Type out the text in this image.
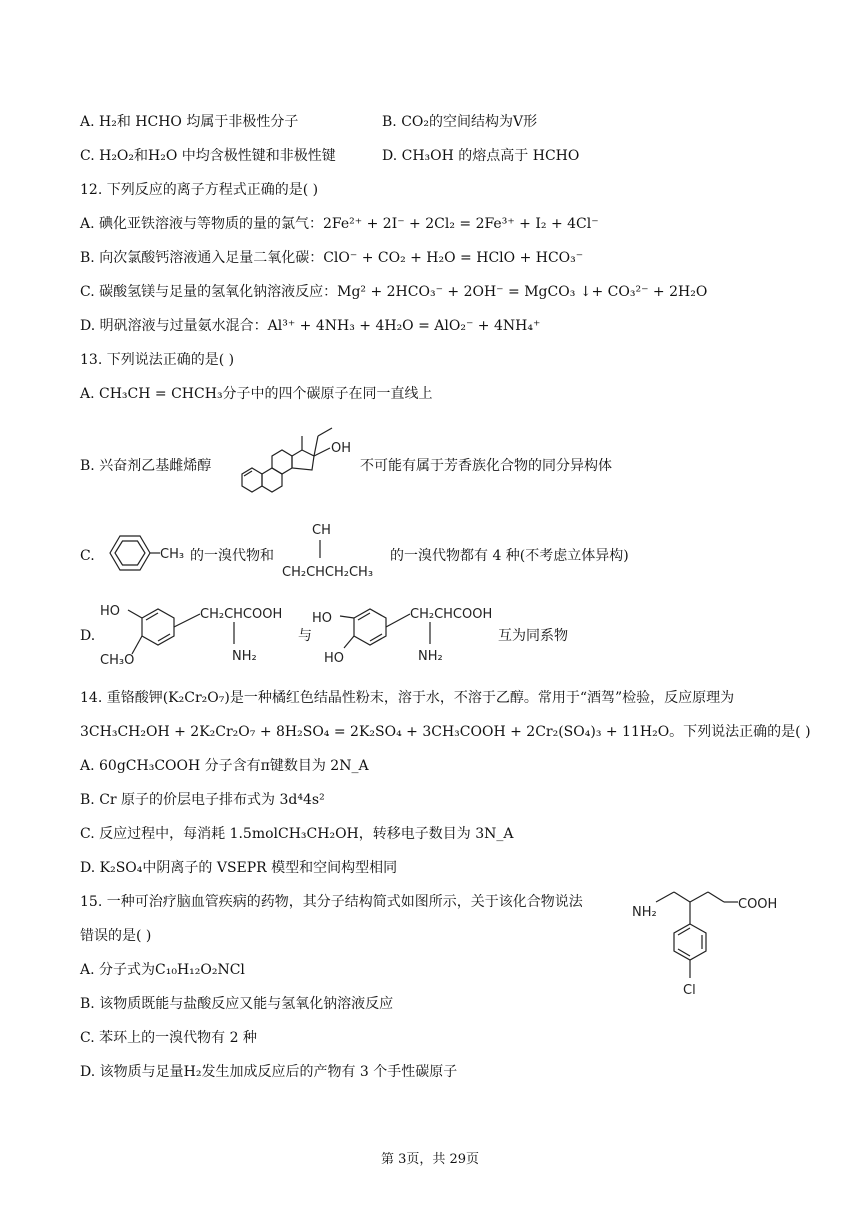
A. H₂和 HCHO 均属于非极性分子	B. CO₂的空间结构为V形
C. H₂O₂和H₂O 中均含极性键和非极性键	D. CH₃OH 的熔点高于 HCHO
12. 下列反应的离子方程式正确的是( )
A. 碘化亚铁溶液与等物质的量的氯气：2Fe²⁺ + 2I⁻ + 2Cl₂ = 2Fe³⁺ + I₂ + 4Cl⁻
B. 向次氯酸钙溶液通入足量二氧化碳：ClO⁻ + CO₂ + H₂O = HClO + HCO₃⁻
C. 碳酸氢镁与足量的氢氧化钠溶液反应：Mg² + 2HCO₃⁻ + 2OH⁻ = MgCO₃ ↓+ CO₃²⁻ + 2H₂O
D. 明矾溶液与过量氨水混合：Al³⁺ + 4NH₃ + 4H₂O = AlO₂⁻ + 4NH₄⁺
13. 下列说法正确的是( )
A. CH₃CH = CHCH₃分子中的四个碳原子在同一直线上
B. 兴奋剂乙基雌烯醇
OH
不可能有属于芳香族化合物的同分异构体
C.	CH₃ 的一溴代物和
CH
CH₂CHCH₂CH₃
的一溴代物都有 4 种(不考虑立体异构)
D.
HO
CH₃O
CH₂CHCOOH
NH₂
与
HO
HO
CH₂CHCOOH
NH₂
互为同系物
14. 重铬酸钾(K₂Cr₂O₇)是一种橘红色结晶性粉末，溶于水，不溶于乙醇。常用于“酒驾”检验，反应原理为
3CH₃CH₂OH + 2K₂Cr₂O₇ + 8H₂SO₄ = 2K₂SO₄ + 3CH₃COOH + 2Cr₂(SO₄)₃ + 11H₂O。下列说法正确的是( )
A. 60gCH₃COOH 分子含有π键数目为 2N_A
B. Cr 原子的价层电子排布式为 3d⁴4s²
C. 反应过程中，每消耗 1.5molCH₃CH₂OH，转移电子数目为 3N_A
D. K₂SO₄中阴离子的 VSEPR 模型和空间构型相同
15. 一种可治疗脑血管疾病的药物，其分子结构简式如图所示，关于该化合物说法
错误的是( )
A. 分子式为C₁₀H₁₂O₂NCl
B. 该物质既能与盐酸反应又能与氢氧化钠溶液反应
C. 苯环上的一溴代物有 2 种
D. 该物质与足量H₂发生加成反应后的产物有 3 个手性碳原子
NH₂
COOH
Cl
第 3页，共 29页
